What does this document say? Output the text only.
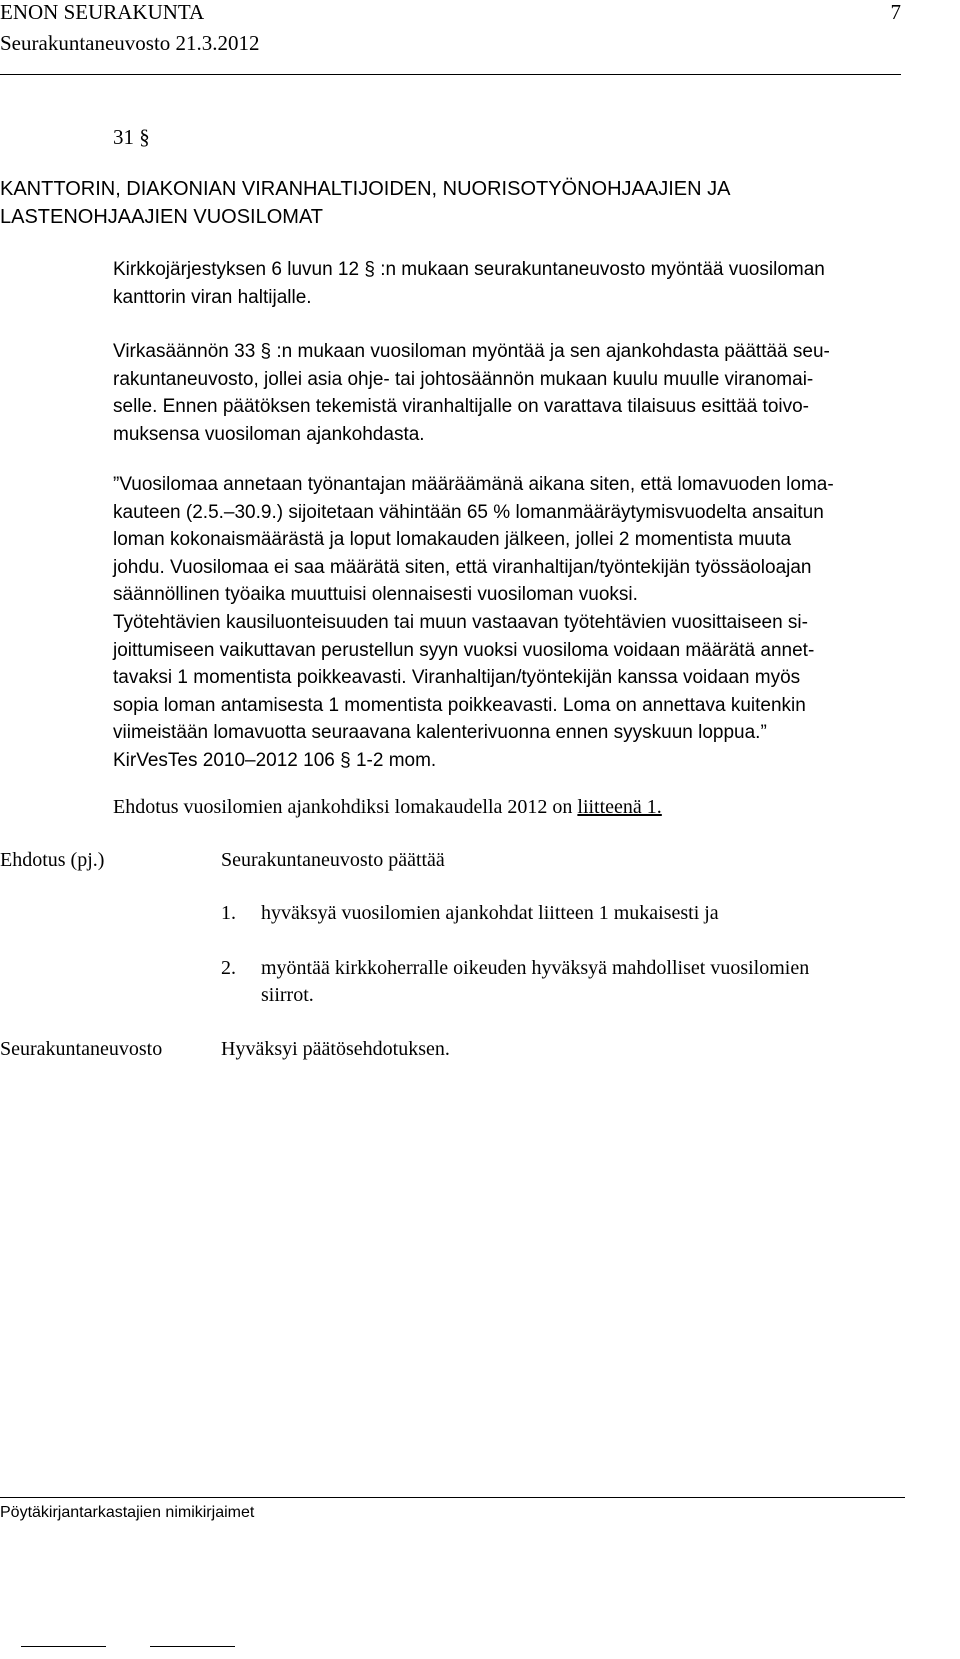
ENON SEURAKUNTA	7
Seurakuntaneuvosto 21.3.2012
31 §
KANTTORIN, DIAKONIAN VIRANHALTIJOIDEN, NUORISOTYÖNOHJAAJIEN JA
LASTENOHJAAJIEN VUOSILOMAT
Kirkkojärjestyksen 6 luvun 12 § :n mukaan seurakuntaneuvosto myöntää vuosiloman
kanttorin viran haltijalle.
Virkasäännön 33 § :n mukaan vuosiloman myöntää ja sen ajankohdasta päättää seu-
rakuntaneuvosto, jollei asia ohje- tai johtosäännön mukaan kuulu muulle viranomai-
selle. Ennen päätöksen tekemistä viranhaltijalle on varattava tilaisuus esittää toivo-
muksensa vuosiloman ajankohdasta.
”Vuosilomaa annetaan työnantajan määräämänä aikana siten, että lomavuoden loma-
kauteen (2.5.–30.9.) sijoitetaan vähintään 65 % lomanmääräytymisvuodelta ansaitun
loman kokonaismäärästä ja loput lomakauden jälkeen, jollei 2 momentista muuta
johdu. Vuosilomaa ei saa määrätä siten, että viranhaltijan/työntekijän työssäoloajan
säännöllinen työaika muuttuisi olennaisesti vuosiloman vuoksi.
Työtehtävien kausiluonteisuuden tai muun vastaavan työtehtävien vuosittaiseen si-
joittumiseen vaikuttavan perustellun syyn vuoksi vuosiloma voidaan määrätä annet-
tavaksi 1 momentista poikkeavasti. Viranhaltijan/työntekijän kanssa voidaan myös
sopia loman antamisesta 1 momentista poikkeavasti. Loma on annettava kuitenkin
viimeistään lomavuotta seuraavana kalenterivuonna ennen syyskuun loppua.”
KirVesTes 2010–2012 106 § 1-2 mom.
Ehdotus vuosilomien ajankohdiksi lomakaudella 2012 on liitteenä 1.
Ehdotus (pj.)	Seurakuntaneuvosto päättää
1. hyväksyä vuosilomien ajankohdat liitteen 1 mukaisesti ja
2. myöntää kirkkoherralle oikeuden hyväksyä mahdolliset vuosilomien
siirrot.
Seurakuntaneuvosto	Hyväksyi päätösehdotuksen.
Pöytäkirjantarkastajien nimikirjaimet
